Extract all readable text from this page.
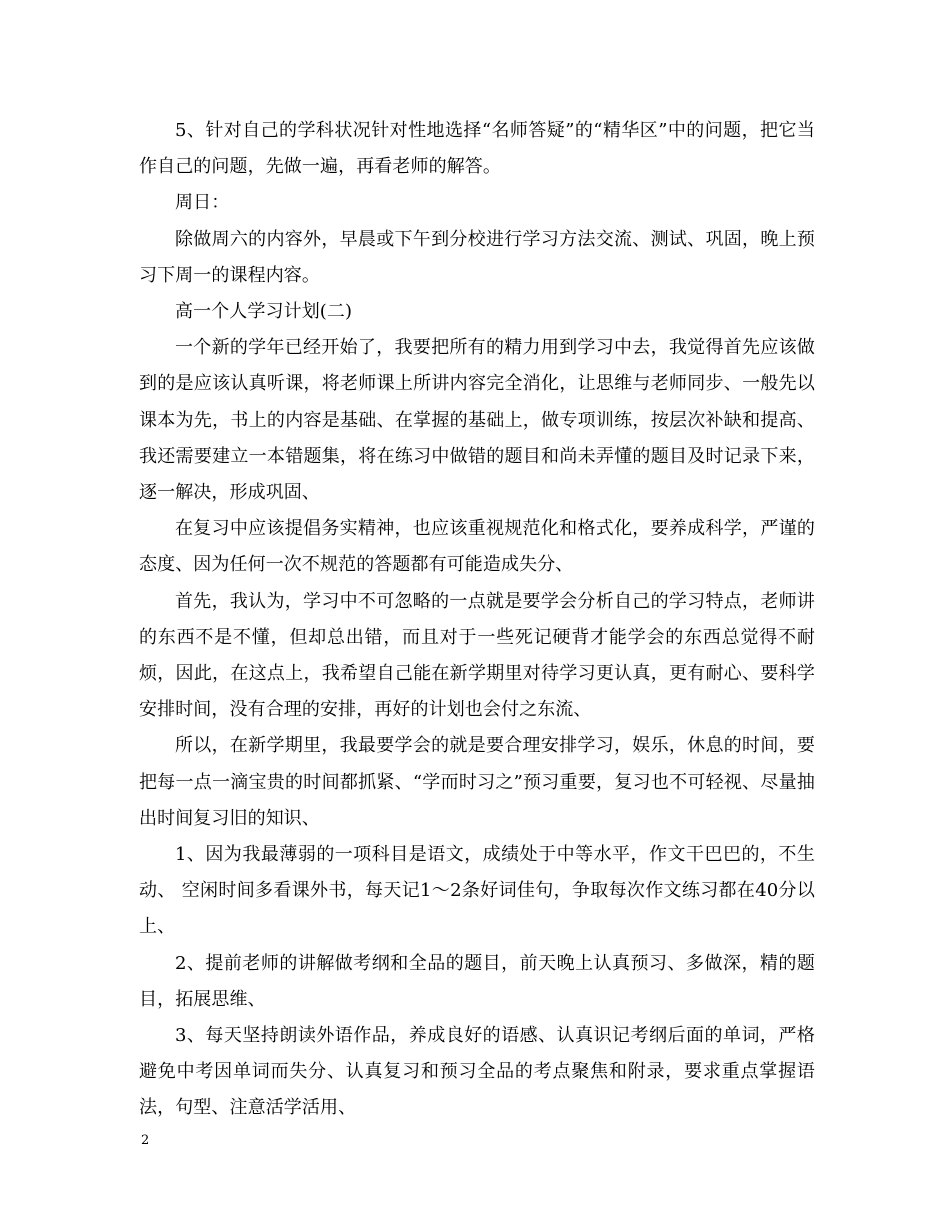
5、针对自己的学科状况针对性地选择“名师答疑”的“精华区”中的问题，把它当作自己的问题，先做一遍，再看老师的解答。

周日：

除做周六的内容外，早晨或下午到分校进行学习方法交流、测试、巩固，晚上预习下周一的课程内容。

高一个人学习计划(二)

一个新的学年已经开始了，我要把所有的精力用到学习中去，我觉得首先应该做到的是应该认真听课，将老师课上所讲内容完全消化，让思维与老师同步、一般先以课本为先，书上的内容是基础、在掌握的基础上，做专项训练，按层次补缺和提高、我还需要建立一本错题集，将在练习中做错的题目和尚未弄懂的题目及时记录下来，逐一解决，形成巩固、

在复习中应该提倡务实精神，也应该重视规范化和格式化，要养成科学，严谨的态度、因为任何一次不规范的答题都有可能造成失分、

首先，我认为，学习中不可忽略的一点就是要学会分析自己的学习特点，老师讲的东西不是不懂，但却总出错，而且对于一些死记硬背才能学会的东西总觉得不耐烦，因此，在这点上，我希望自己能在新学期里对待学习更认真，更有耐心、要科学安排时间，没有合理的安排，再好的计划也会付之东流、

所以，在新学期里，我最要学会的就是要合理安排学习，娱乐，休息的时间，要把每一点一滴宝贵的时间都抓紧、“学而时习之”预习重要，复习也不可轻视、尽量抽出时间复习旧的知识、

1、因为我最薄弱的一项科目是语文，成绩处于中等水平，作文干巴巴的，不生动、 空闲时间多看课外书，每天记1～2条好词佳句，争取每次作文练习都在40分以上、

2、提前老师的讲解做考纲和全品的题目，前天晚上认真预习、多做深，精的题目，拓展思维、

3、每天坚持朗读外语作品，养成良好的语感、认真识记考纲后面的单词，严格避免中考因单词而失分、认真复习和预习全品的考点聚焦和附录，要求重点掌握语法，句型、注意活学活用、

2
